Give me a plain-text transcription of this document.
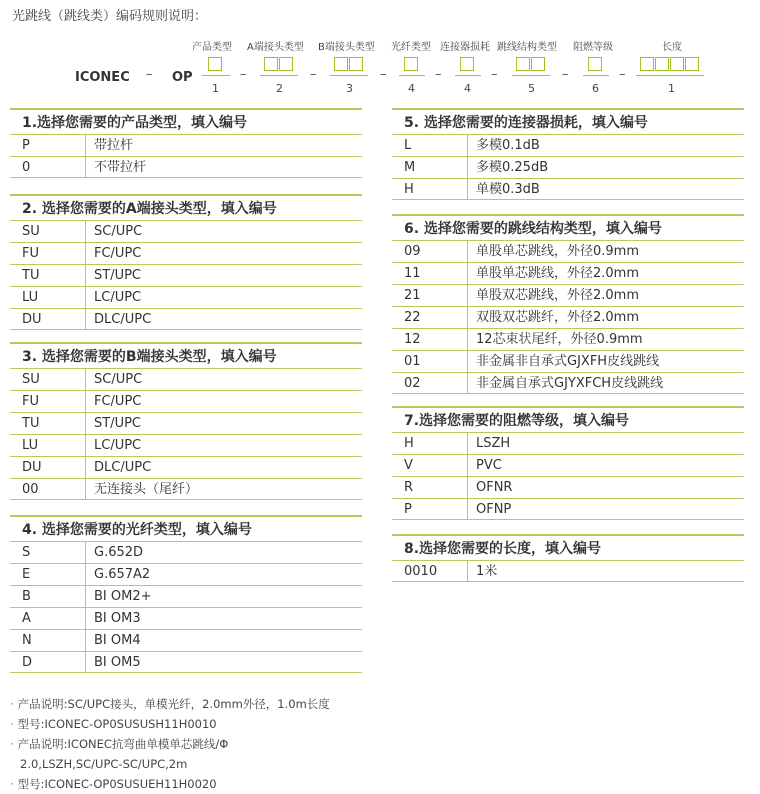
光跳线（跳线类）编码规则说明：
产品类型 A端接头类型 B端接头类型 光纤类型 连接器损耗 跳线结构类型 阻燃等级	长度
ICONEC – OP
1
–
2
–
3
–
4
–
4
–
5
–
6
–
1
1.选择您需要的产品类型，填入编号
P	带拉杆
0	不带拉杆
2. 选择您需要的A端接头类型，填入编号
SU	SC/UPC
FU	FC/UPC
TU	ST/UPC
LU	LC/UPC
DU	DLC/UPC
3. 选择您需要的B端接头类型，填入编号
SU	SC/UPC
FU	FC/UPC
TU	ST/UPC
LU	LC/UPC
DU	DLC/UPC
00	无连接头（尾纤）
4. 选择您需要的光纤类型，填入编号
S	G.652D
E	G.657A2
B	BI OM2+
A	BI OM3
N	BI OM4
D	BI OM5
5. 选择您需要的连接器损耗，填入编号
L	多模0.1dB
M	多模0.25dB
H	单模0.3dB
6. 选择您需要的跳线结构类型，填入编号
09	单股单芯跳线，外径0.9mm
11	单股单芯跳线，外径2.0mm
21	单股双芯跳线，外径2.0mm
22	双股双芯跳纤，外径2.0mm
12	12芯束状尾纤，外径0.9mm
01	非金属非自承式GJXFH皮线跳线
02	非金属自承式GJYXFCH皮线跳线
7.选择您需要的阻燃等级，填入编号
H	LSZH
V	PVC
R	OFNR
P	OFNP
8.选择您需要的长度，填入编号
0010	1米
· 产品说明:SC/UPC接头，单模光纤，2.0mm外径，1.0m长度
· 型号:ICONEC-OP0SUSUSH11H0010
· 产品说明:ICONEC抗弯曲单模单芯跳线/Φ
2.0,LSZH,SC/UPC-SC/UPC,2m
· 型号:ICONEC-OP0SUSUEH11H0020
